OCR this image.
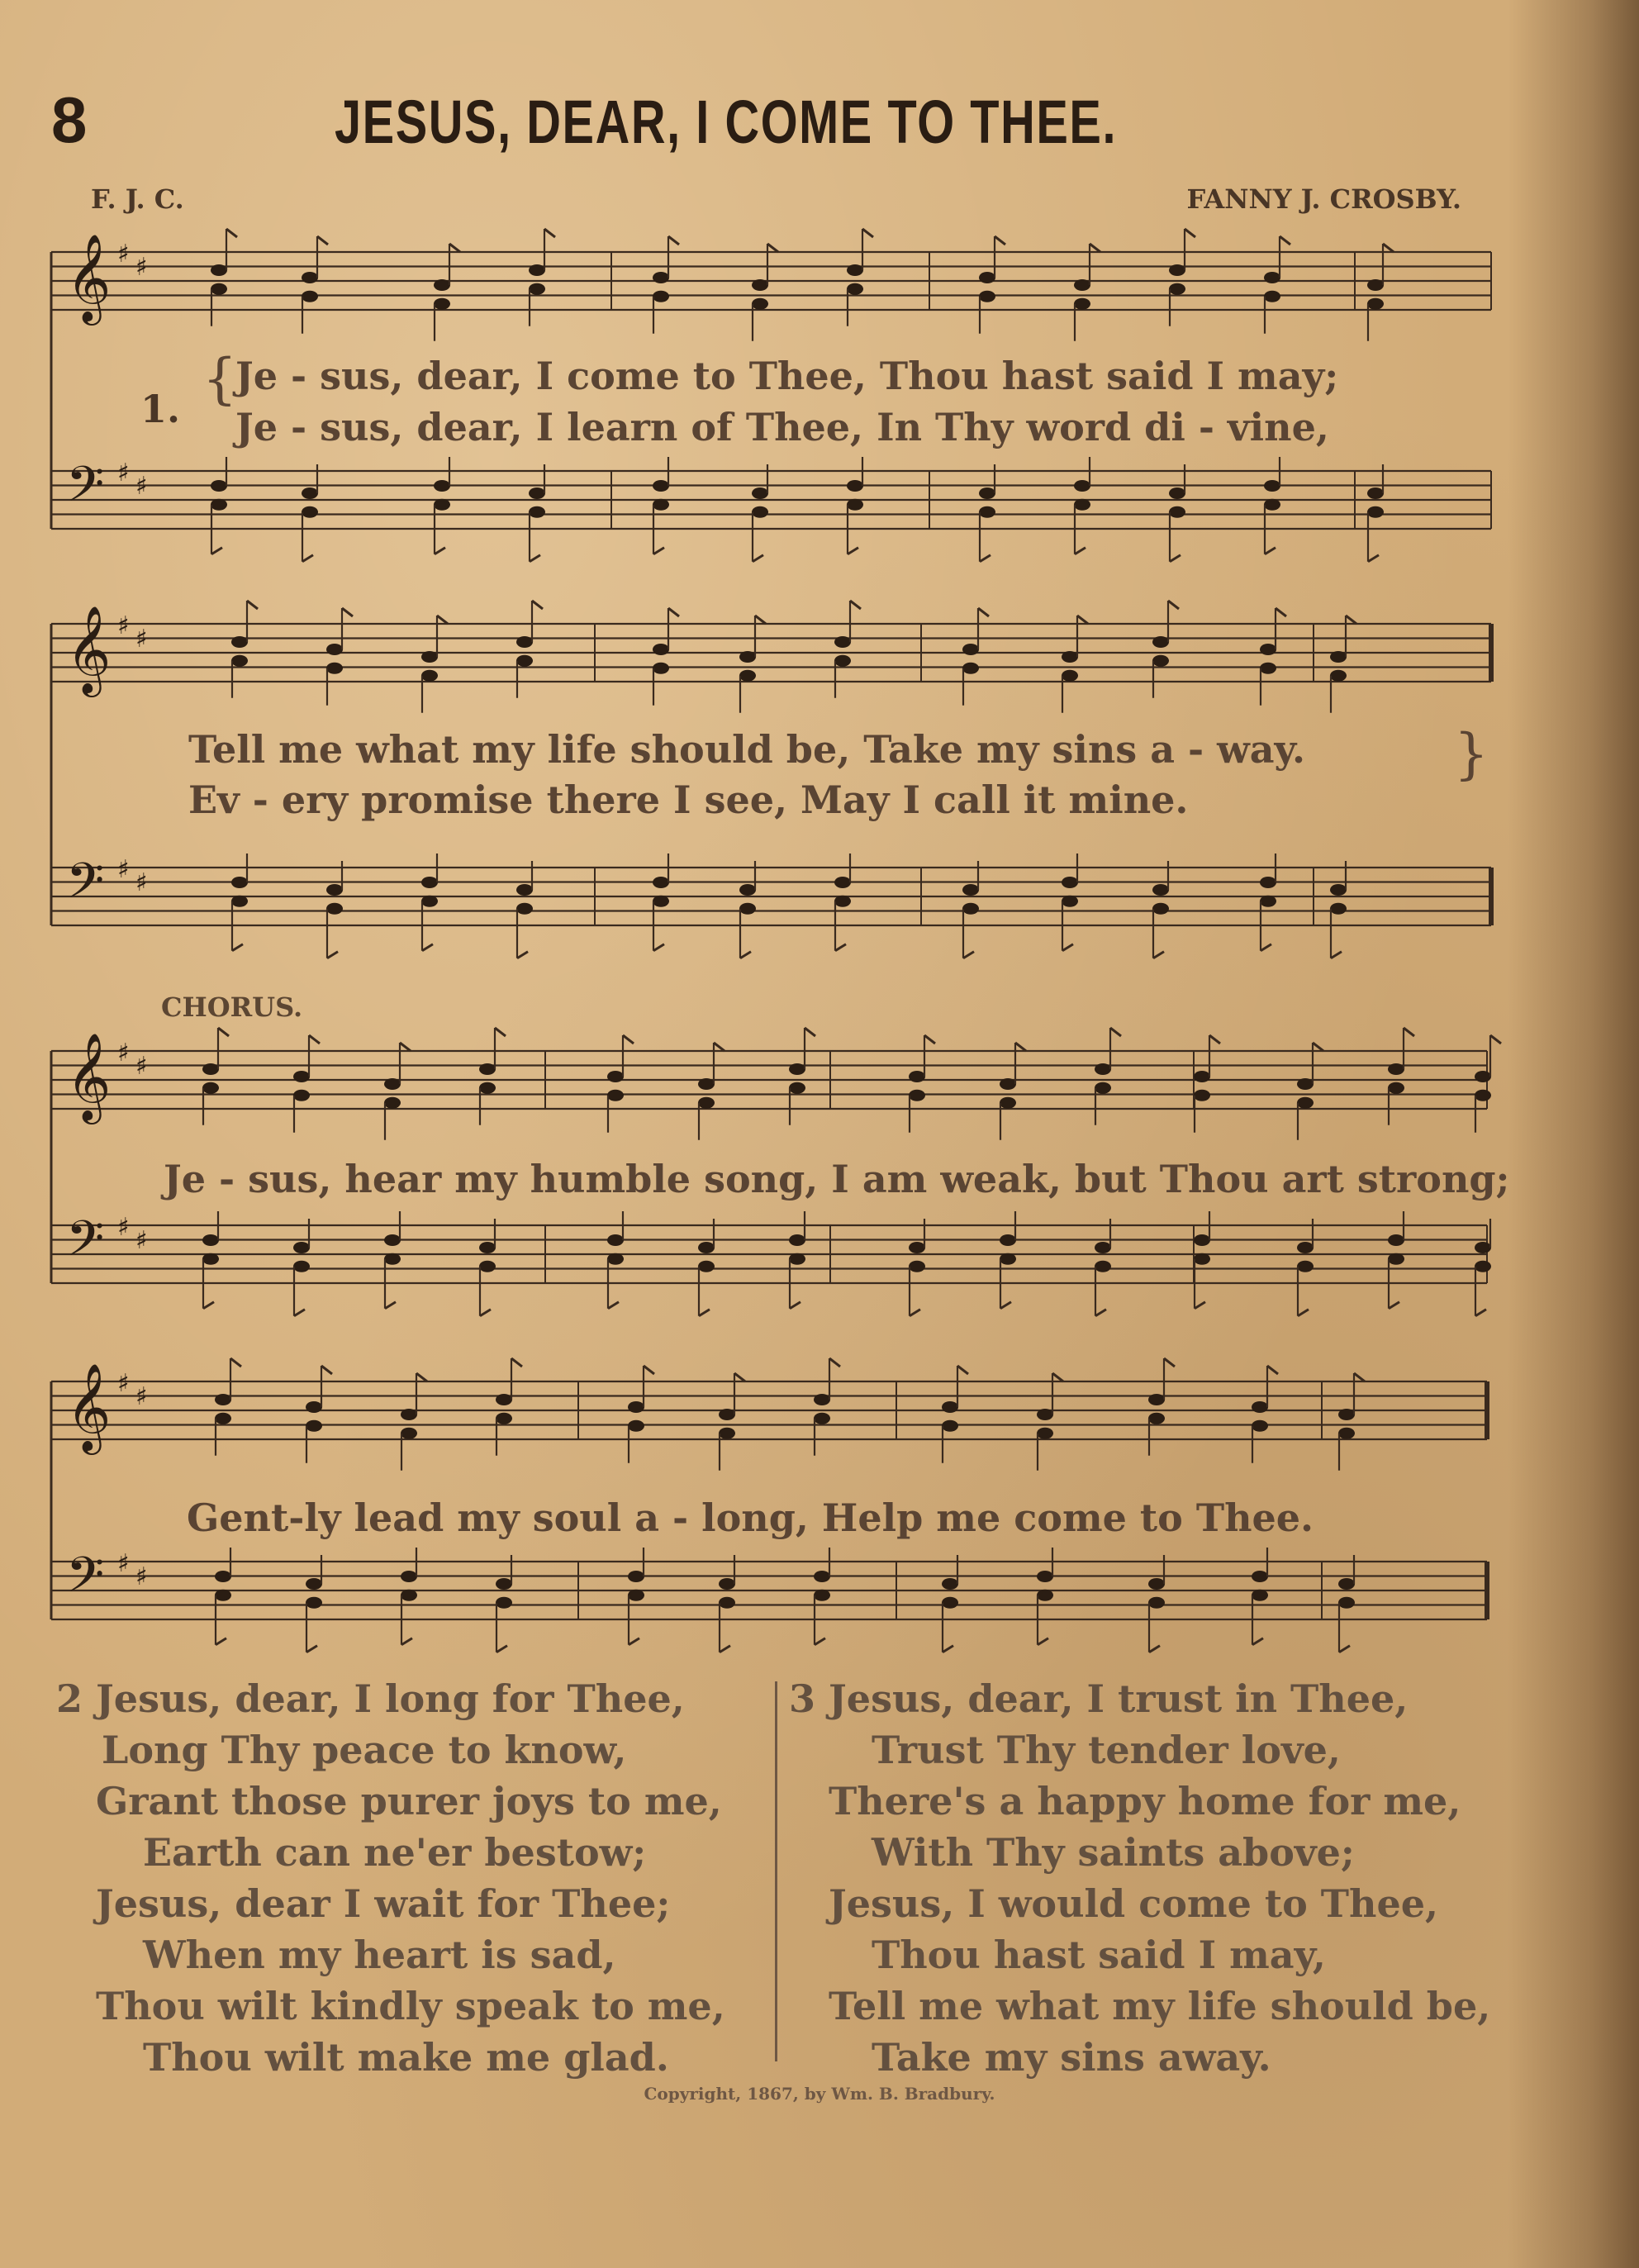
8	JESUS, DEAR, I COME TO THEE.
F. J. C.	FANNY J. CROSBY.
𝄞 ♯ ♯
𝄢 ♯ ♯
𝄞 ♯ ♯
𝄢 ♯ ♯
𝄞 ♯ ♯
𝄢 ♯ ♯
𝄞 ♯ ♯
𝄢 ♯ ♯
1. {
Je - sus, dear, I come to Thee, Thou hast said I may;
Je - sus, dear, I learn of Thee, In Thy word di - vine,
Tell me what my life should be, Take my sins a - way.
Ev - ery promise there I see, May I call it mine.
}
CHORUS.
Je - sus, hear my humble song, I am weak, but Thou art strong;
Gent-ly lead my soul a - long, Help me come to Thee.
2 Jesus, dear, I long for Thee,
Long Thy peace to know,
Grant those purer joys to me,
Earth can ne'er bestow;
Jesus, dear I wait for Thee;
When my heart is sad,
Thou wilt kindly speak to me,
Thou wilt make me glad.
3 Jesus, dear, I trust in Thee,
Trust Thy tender love,
There's a happy home for me,
With Thy saints above;
Jesus, I would come to Thee,
Thou hast said I may,
Tell me what my life should be,
Take my sins away.
Copyright, 1867, by Wm. B. Bradbury.
